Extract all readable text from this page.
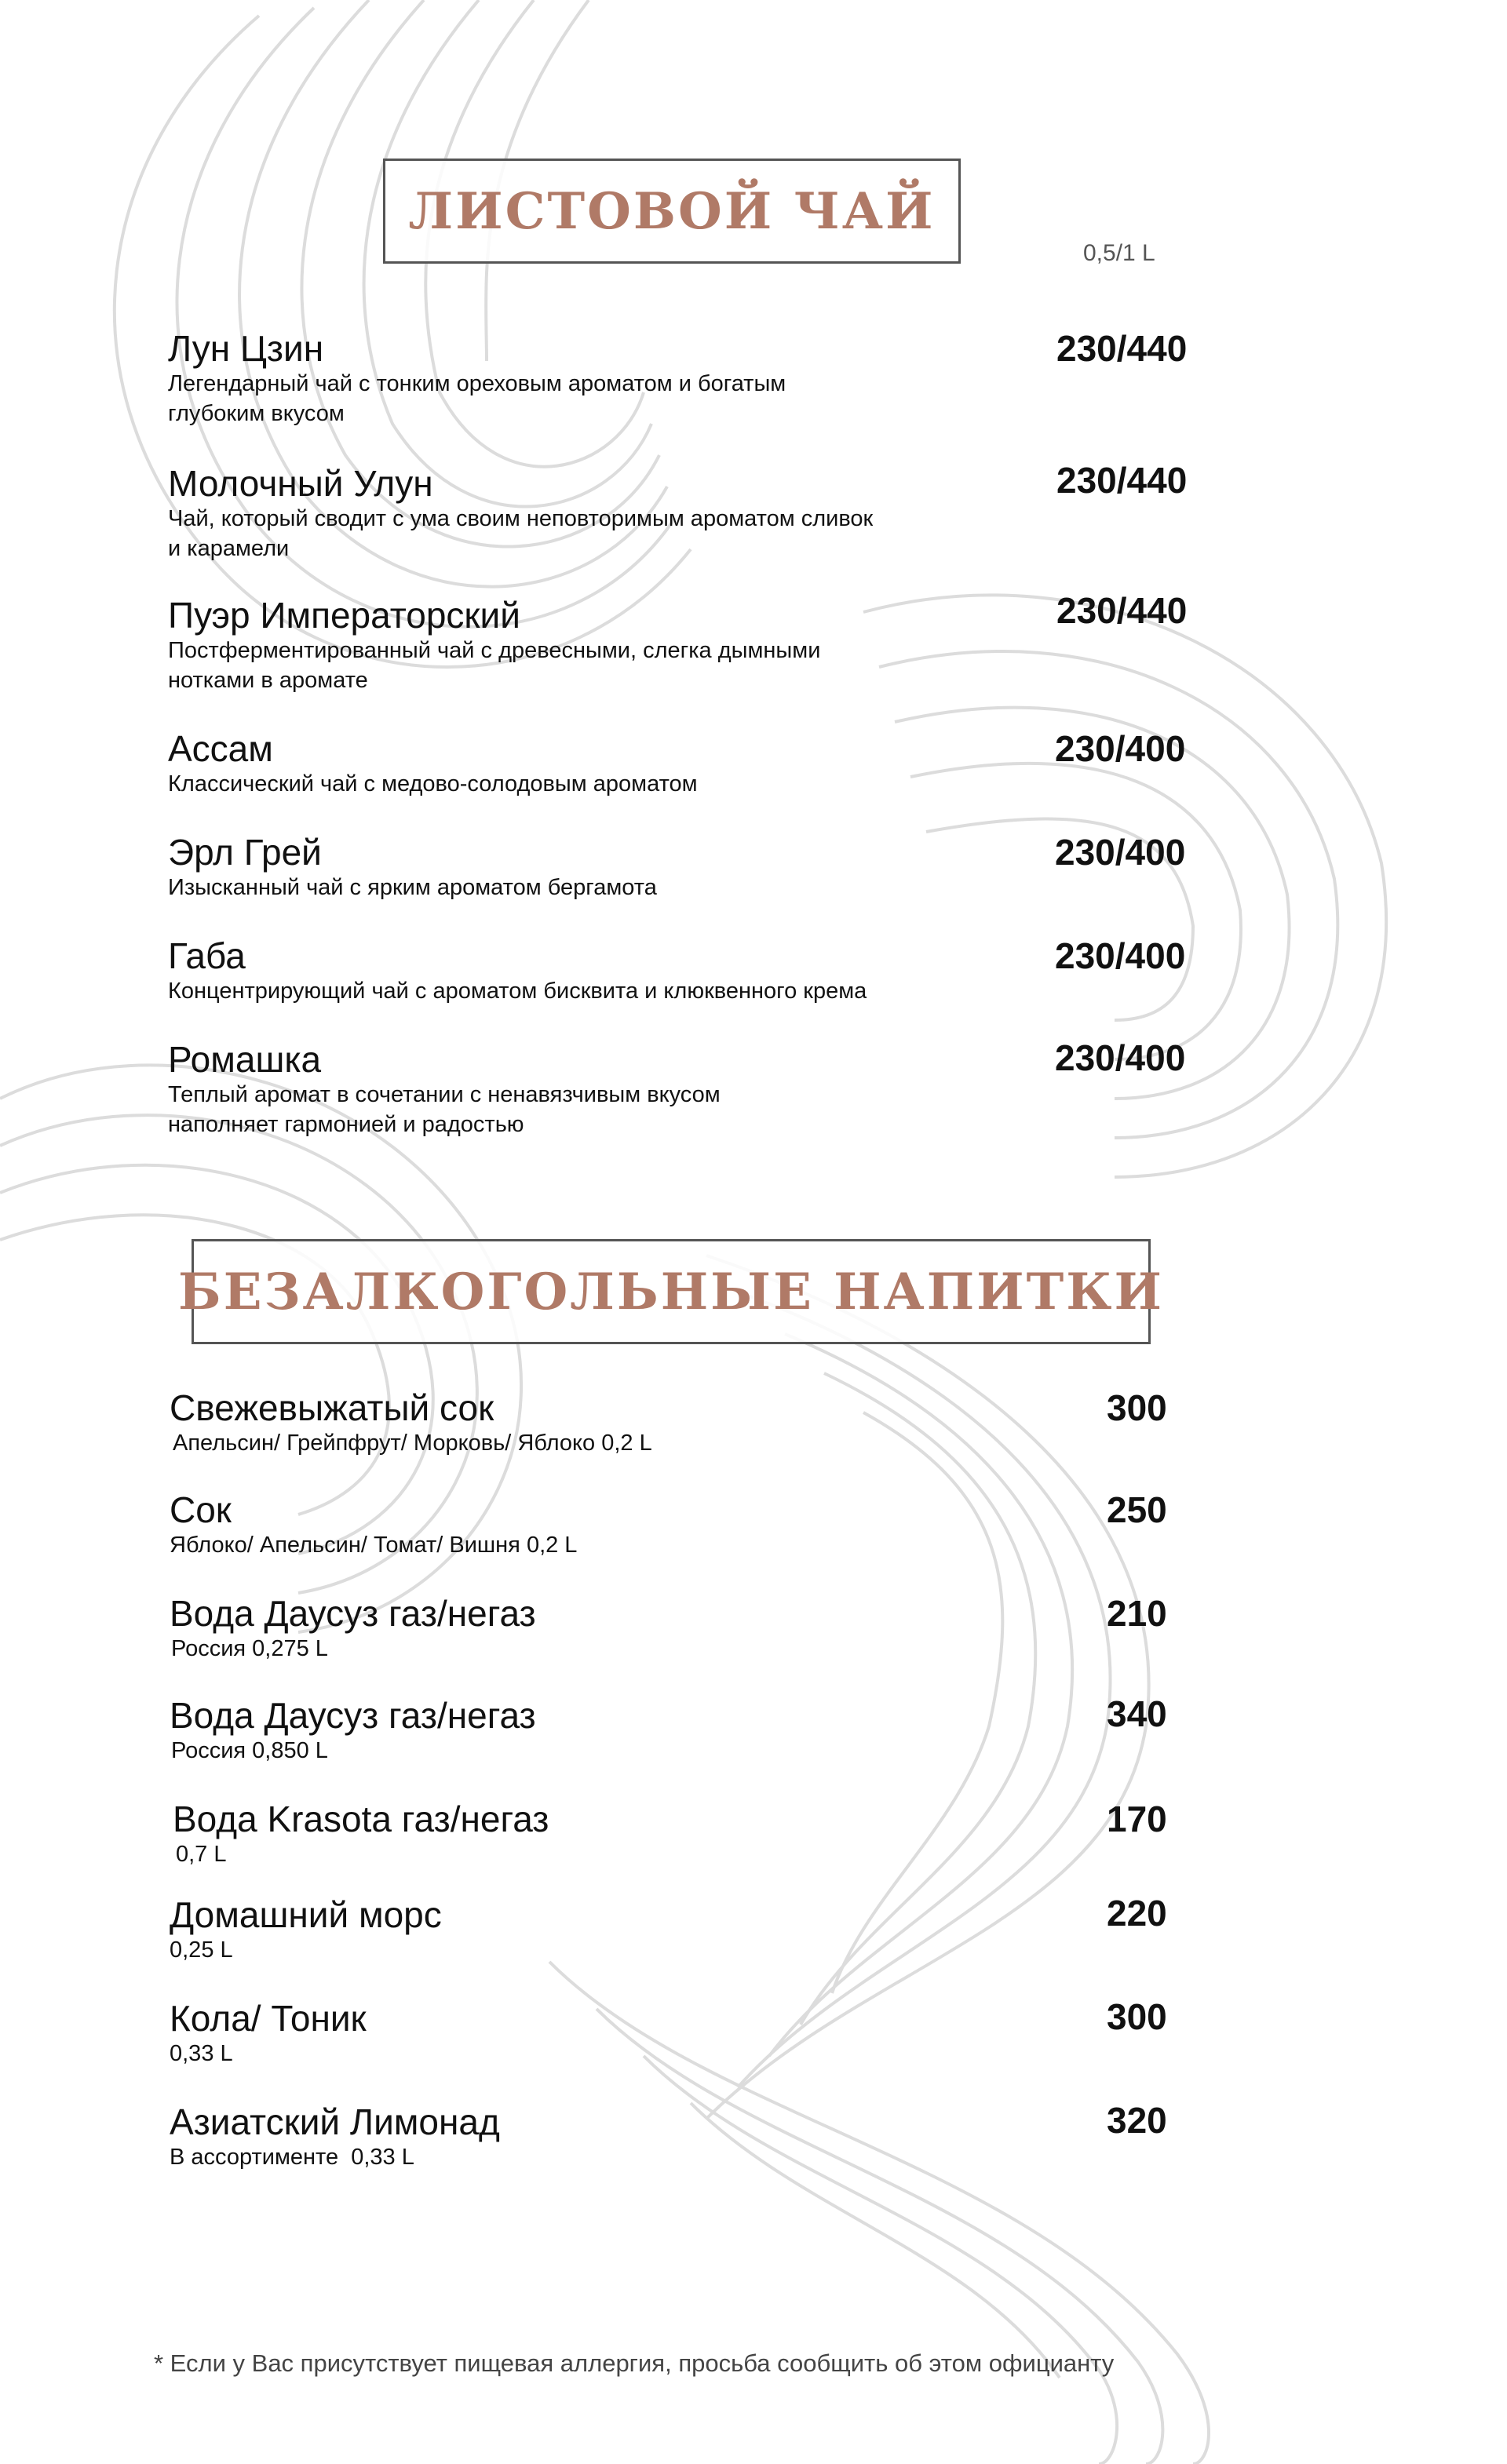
ЛИСТОВОЙ ЧАЙ
0,5/1 L
Лун Цзин
Легендарный чай с тонким ореховым ароматом и богатым глубоким вкусом
230/440
Молочный Улун
Чай, который сводит с ума своим неповторимым ароматом сливок и карамели
230/440
Пуэр Императорский
Постферментированный чай с древесными, слегка дымными нотками в аромате
230/440
Ассам
Классический чай с медово-солодовым ароматом
230/400
Эрл Грей
Изысканный чай с ярким ароматом бергамота
230/400
Габа
Концентрирующий чай с ароматом бисквита и клюквенного крема
230/400
Ромашка
Теплый аромат в сочетании с ненавязчивым вкусом наполняет гармонией и радостью
230/400
БЕЗАЛКОГОЛЬНЫЕ НАПИТКИ
Свежевыжатый сок
Апельсин/ Грейпфрут/ Морковь/ Яблоко 0,2 L
300
Сок
Яблоко/ Апельсин/ Томат/ Вишня 0,2 L
250
Вода Даусуз газ/негаз
Россия 0,275 L
210
Вода Даусуз газ/негаз
Россия 0,850 L
340
Вода Krasota газ/негаз
0,7 L
170
Домашний морс
0,25 L
220
Кола/ Тоник
0,33 L
300
Азиатский Лимонад
В ассортименте  0,33 L
320
* Если у Вас присутствует пищевая аллергия, просьба сообщить об этом официанту
